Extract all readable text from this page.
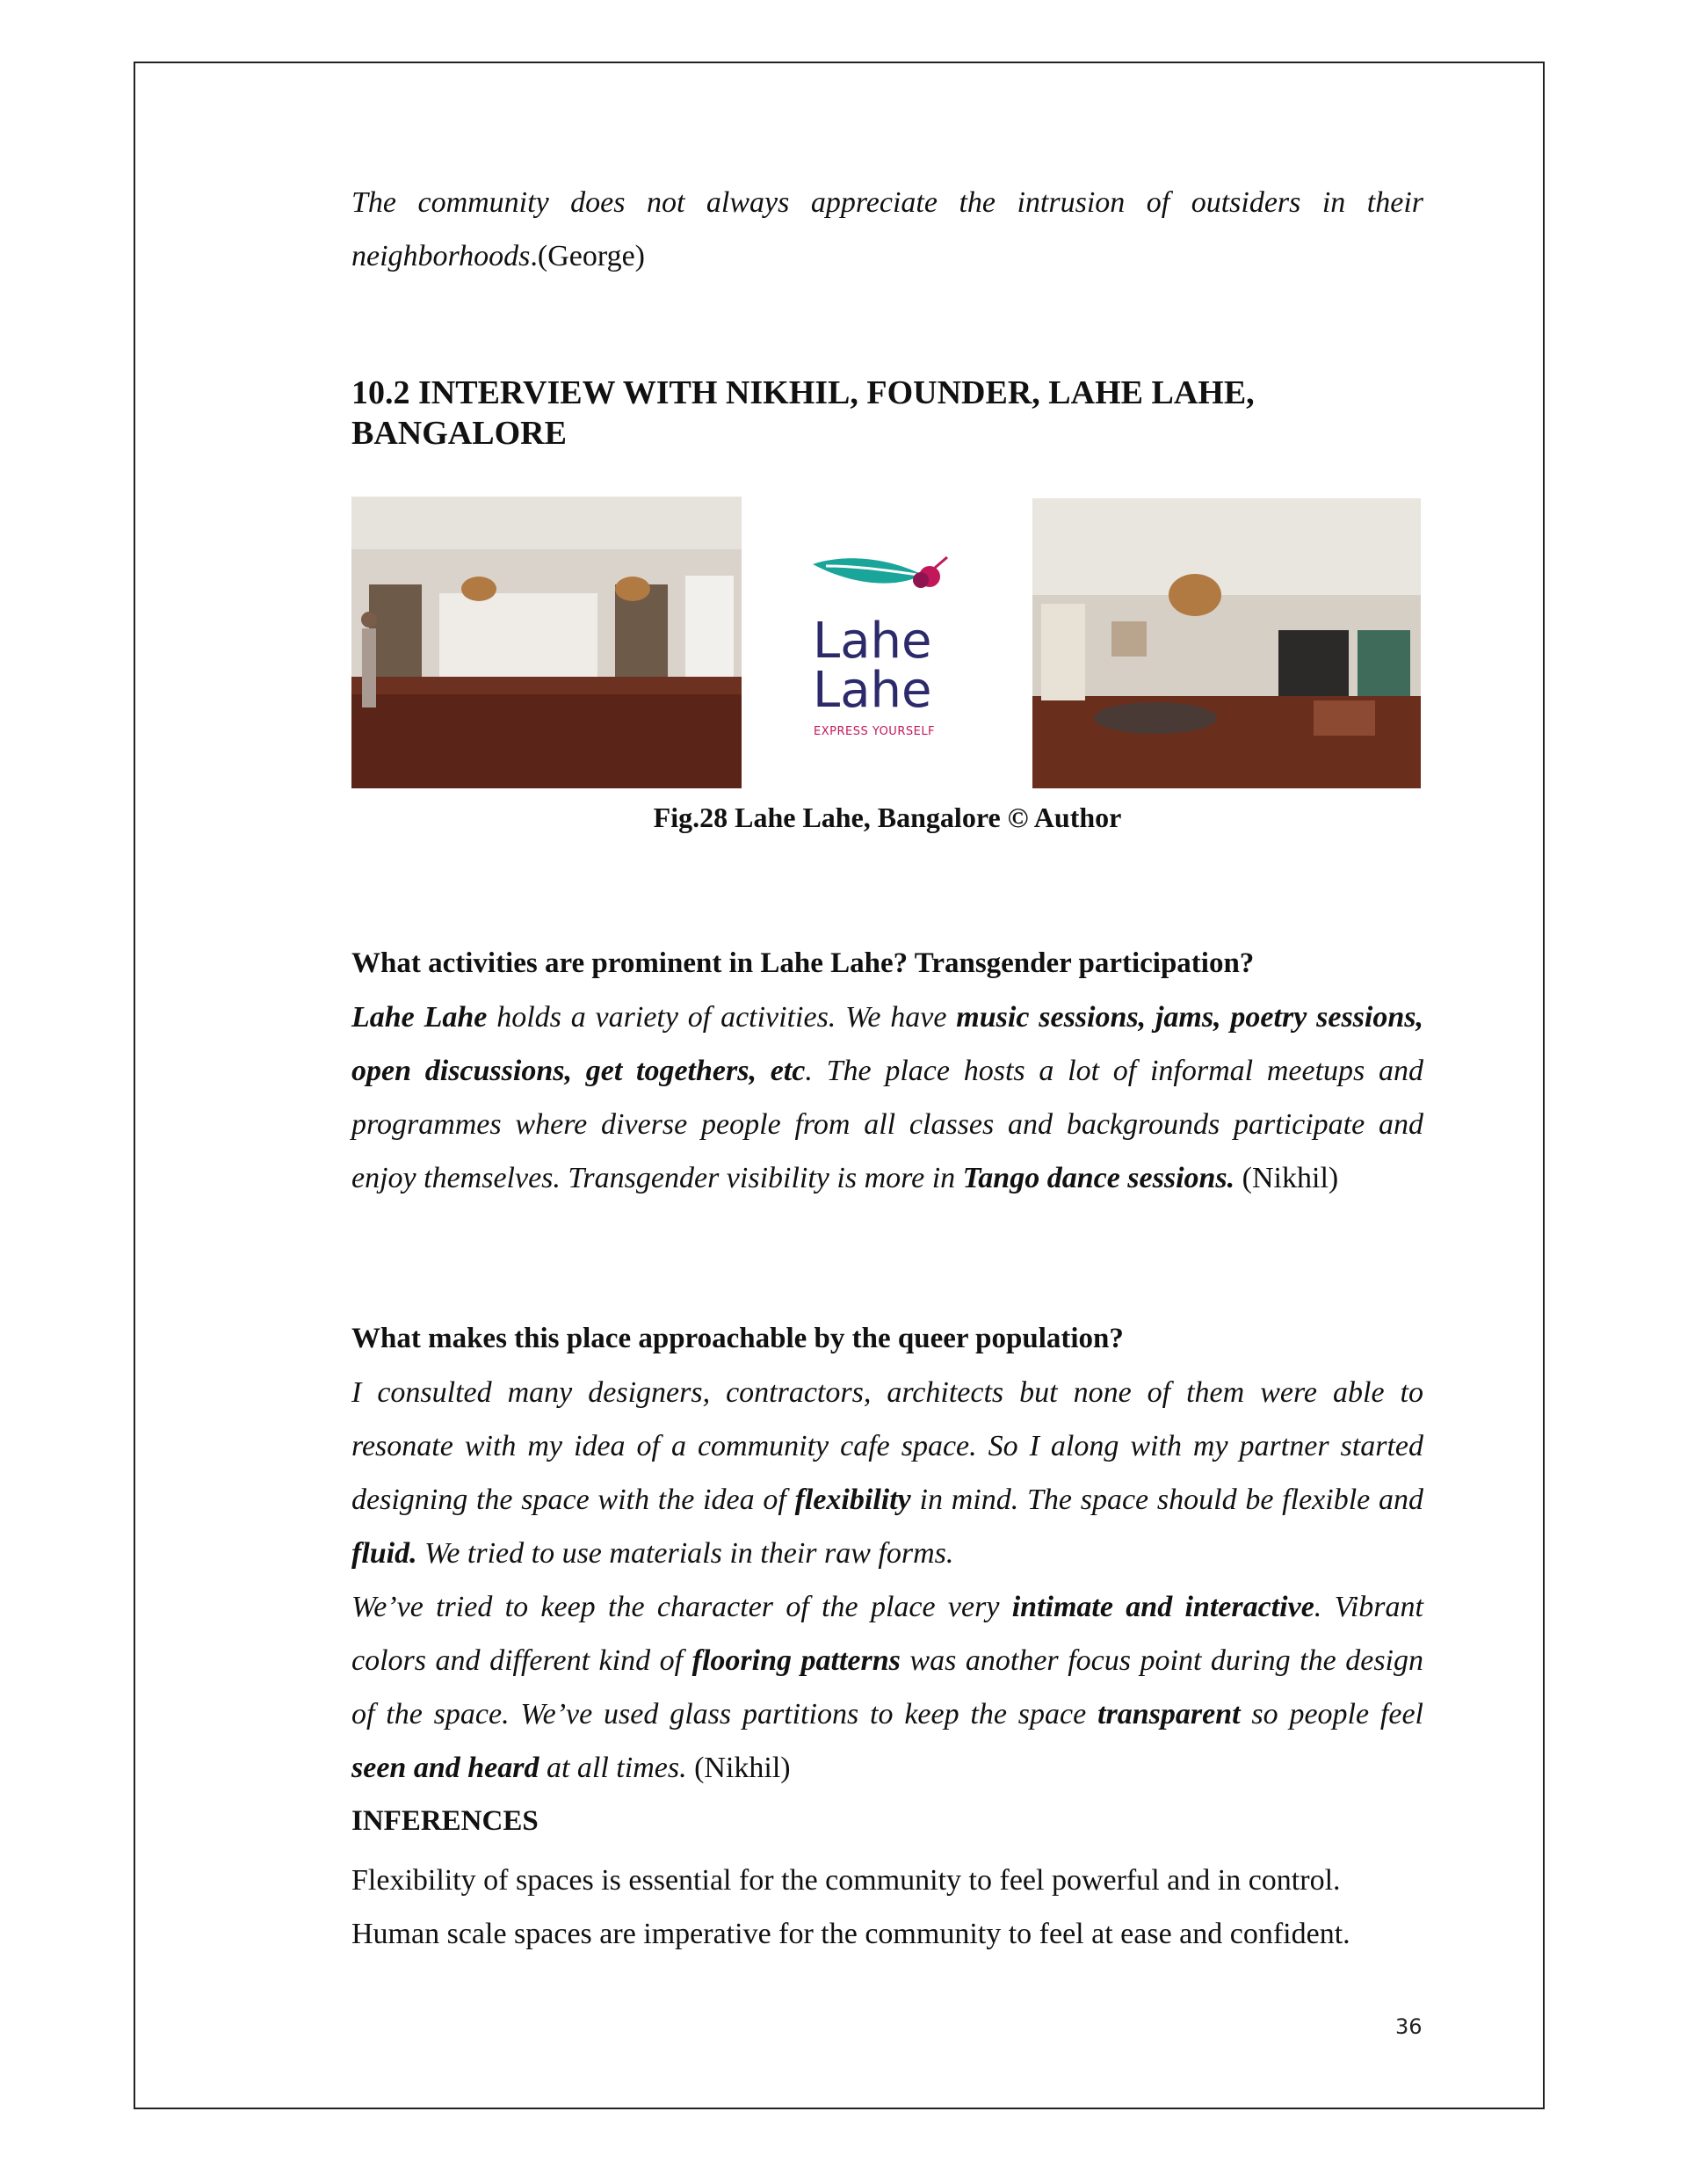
The community does not always appreciate the intrusion of outsiders in their neighborhoods.(George)

10.2 INTERVIEW WITH NIKHIL, FOUNDER, LAHE LAHE,

BANGALORE

Lahe
Lahe
EXPRESS YOURSELF
Fig.28 Lahe Lahe, Bangalore © Author

What activities are prominent in Lahe Lahe? Transgender participation?

Lahe Lahe holds a variety of activities. We have music sessions, jams, poetry sessions, open discussions, get togethers, etc. The place hosts a lot of informal meetups and programmes where diverse people from all classes and backgrounds participate and enjoy themselves. Transgender visibility is more in Tango dance sessions. (Nikhil)

What makes this place approachable by the queer population?

I consulted many designers, contractors, architects but none of them were able to resonate with my idea of a community cafe space. So I along with my partner started designing the space with the idea of flexibility in mind. The space should be flexible and fluid. We tried to use materials in their raw forms.

We’ve tried to keep the character of the place very intimate and interactive. Vibrant colors and different kind of flooring patterns was another focus point during the design of the space. We’ve used glass partitions to keep the space transparent so people feel seen and heard at all times. (Nikhil)

INFERENCES

Flexibility of spaces is essential for the community to feel powerful and in control.

Human scale spaces are imperative for the community to feel at ease and confident.

36
